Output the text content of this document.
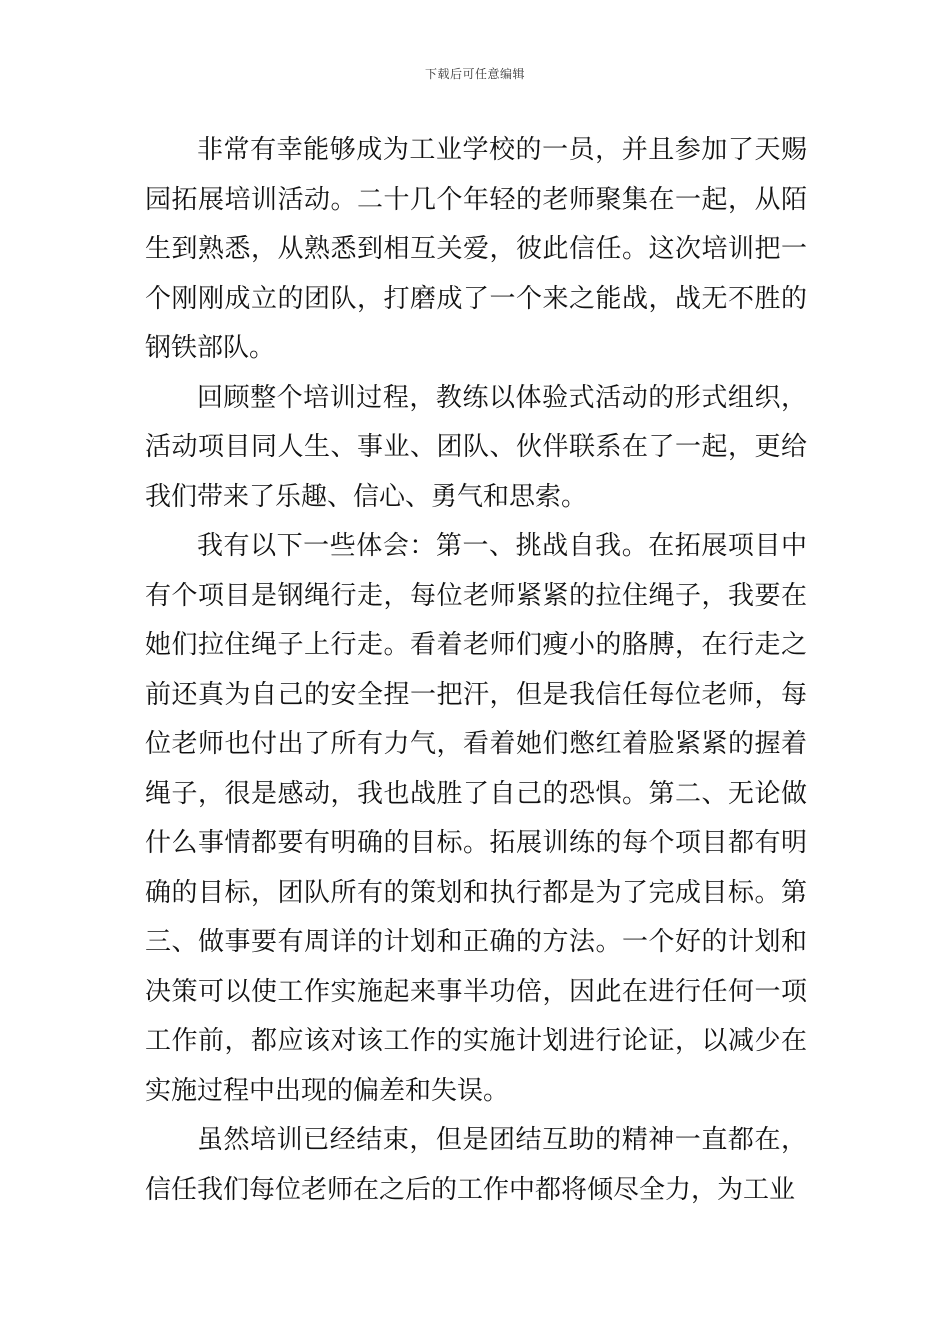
下载后可任意编辑

非常有幸能够成为工业学校的一员，并且参加了天赐园拓展培训活动。二十几个年轻的老师聚集在一起，从陌生到熟悉，从熟悉到相互关爱，彼此信任。这次培训把一个刚刚成立的团队，打磨成了一个来之能战，战无不胜的钢铁部队。

回顾整个培训过程，教练以体验式活动的形式组织，活动项目同人生、事业、团队、伙伴联系在了一起，更给我们带来了乐趣、信心、勇气和思索。

我有以下一些体会：第一、挑战自我。在拓展项目中有个项目是钢绳行走，每位老师紧紧的拉住绳子，我要在她们拉住绳子上行走。看着老师们瘦小的胳膊，在行走之前还真为自己的安全捏一把汗，但是我信任每位老师，每位老师也付出了所有力气，看着她们憋红着脸紧紧的握着绳子，很是感动，我也战胜了自己的恐惧。第二、无论做什么事情都要有明确的目标。拓展训练的每个项目都有明确的目标，团队所有的策划和执行都是为了完成目标。第三、做事要有周详的计划和正确的方法。一个好的计划和决策可以使工作实施起来事半功倍，因此在进行任何一项工作前，都应该对该工作的实施计划进行论证，以减少在实施过程中出现的偏差和失误。

虽然培训已经结束，但是团结互助的精神一直都在，信任我们每位老师在之后的工作中都将倾尽全力，为工业
